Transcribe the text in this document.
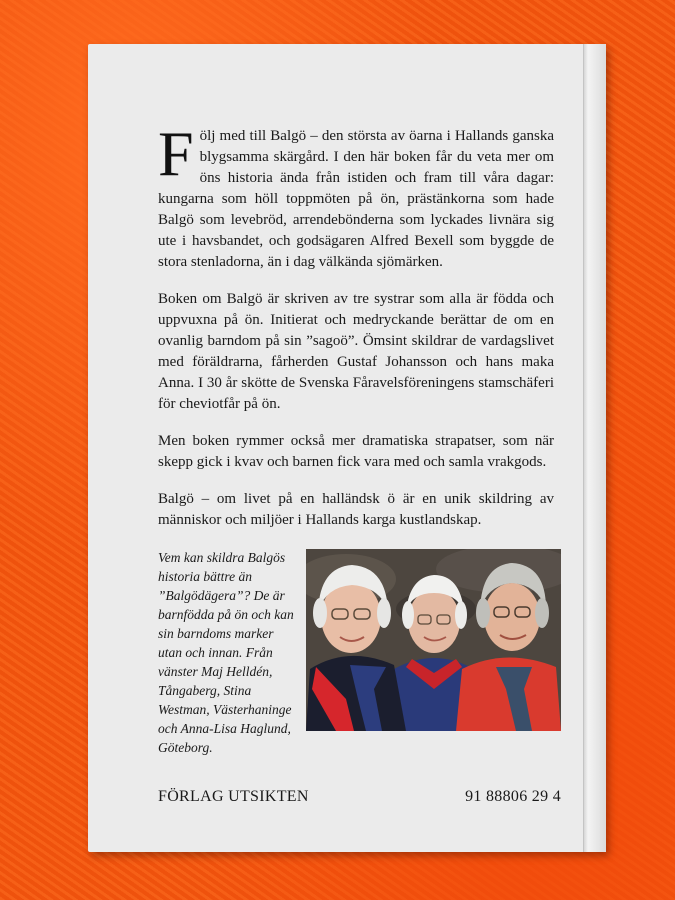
Följ med till Balgö – den största av öarna i Hallands ganska blygsamma skärgård. I den här boken får du veta mer om öns historia ända från istiden och fram till våra dagar: kungarna som höll toppmöten på ön, prästänkorna som hade Balgö som levebröd, arrendebönderna som lyckades livnära sig ute i havsbandet, och godsägaren Alfred Bexell som byggde de stora stenladorna, än i dag välkända sjömärken.

Boken om Balgö är skriven av tre systrar som alla är födda och uppvuxna på ön. Initierat och medryckande berättar de om en ovanlig barndom på sin ”sagoö”. Ömsint skildrar de vardagslivet med föräldrarna, fårherden Gustaf Johansson och hans maka Anna. I 30 år skötte de Svenska Fåravelsföreningens stamschäferi för cheviotfår på ön.

Men boken rymmer också mer dramatiska strapatser, som när skepp gick i kvav och barnen fick vara med och samla vrakgods.

Balgö – om livet på en halländsk ö är en unik skildring av människor och miljöer i Hallands karga kustlandskap.

Vem kan skildra Balgös historia bättre än ”Balgödägera”? De är barnfödda på ön och kan sin barndoms marker utan och innan. Från vänster Maj Helldén, Tångaberg, Stina Westman, Västerhaninge och Anna-Lisa Haglund, Göteborg.
FÖRLAG UTSIKTEN	91 88806 29 4
